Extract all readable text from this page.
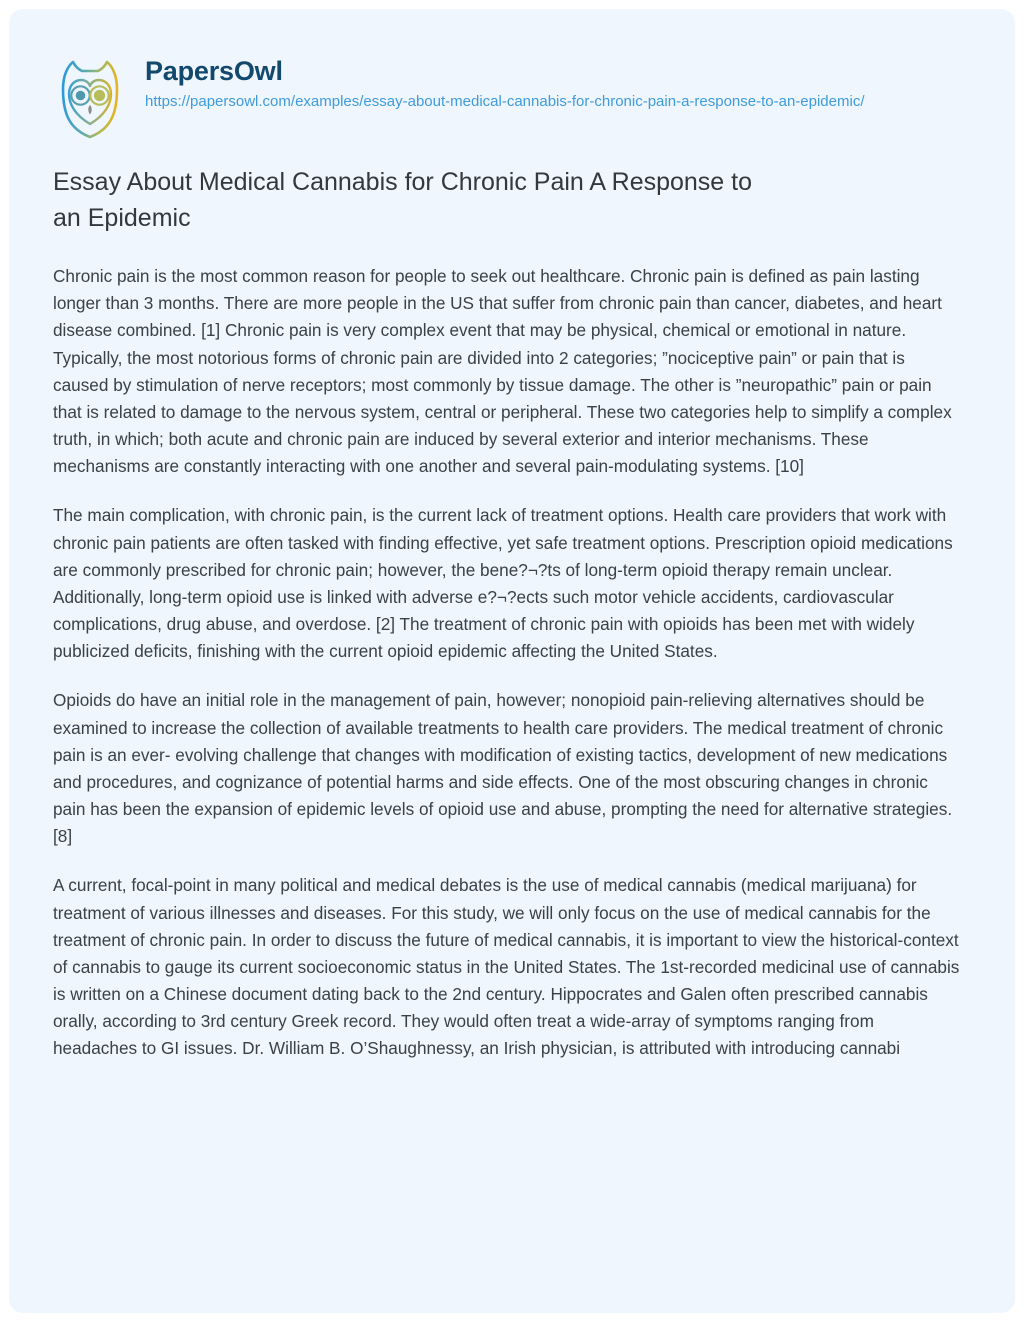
PapersOwl
https://papersowl.com/examples/essay-about-medical-cannabis-for-chronic-pain-a-response-to-an-epidemic/
Essay About Medical Cannabis for Chronic Pain A Response to an Epidemic

Chronic pain is the most common reason for people to seek out healthcare. Chronic pain is defined as pain lasting longer than 3 months. There are more people in the US that suffer from chronic pain than cancer, diabetes, and heart disease combined. [1] Chronic pain is very complex event that may be physical, chemical or emotional in nature. Typically, the most notorious forms of chronic pain are divided into 2 categories; ”nociceptive pain” or pain that is caused by stimulation of nerve receptors; most commonly by tissue damage. The other is ”neuropathic” pain or pain that is related to damage to the nervous system, central or peripheral. These two categories help to simplify a complex truth, in which; both acute and chronic pain are induced by several exterior and interior mechanisms. These mechanisms are constantly interacting with one another and several pain-modulating systems. [10]

The main complication, with chronic pain, is the current lack of treatment options. Health care providers that work with chronic pain patients are often tasked with finding effective, yet safe treatment options. Prescription opioid medications are commonly prescribed for chronic pain; however, the bene?¬?ts of long-term opioid therapy remain unclear. Additionally, long-term opioid use is linked with adverse e?¬?ects such motor vehicle accidents, cardiovascular complications, drug abuse, and overdose. [2] The treatment of chronic pain with opioids has been met with widely publicized deficits, finishing with the current opioid epidemic affecting the United States.

Opioids do have an initial role in the management of pain, however; nonopioid pain-relieving alternatives should be examined to increase the collection of available treatments to health care providers. The medical treatment of chronic pain is an ever- evolving challenge that changes with modification of existing tactics, development of new medications and procedures, and cognizance of potential harms and side effects. One of the most obscuring changes in chronic pain has been the expansion of epidemic levels of opioid use and abuse, prompting the need for alternative strategies. [8]

A current, focal-point in many political and medical debates is the use of medical cannabis (medical marijuana) for treatment of various illnesses and diseases. For this study, we will only focus on the use of medical cannabis for the treatment of chronic pain. In order to discuss the future of medical cannabis, it is important to view the historical-context of cannabis to gauge its current socioeconomic status in the United States. The 1st-recorded medicinal use of cannabis is written on a Chinese document dating back to the 2nd century. Hippocrates and Galen often prescribed cannabis orally, according to 3rd century Greek record. They would often treat a wide-array of symptoms ranging from headaches to GI issues. Dr. William B. O’Shaughnessy, an Irish physician, is attributed with introducing cannabi
